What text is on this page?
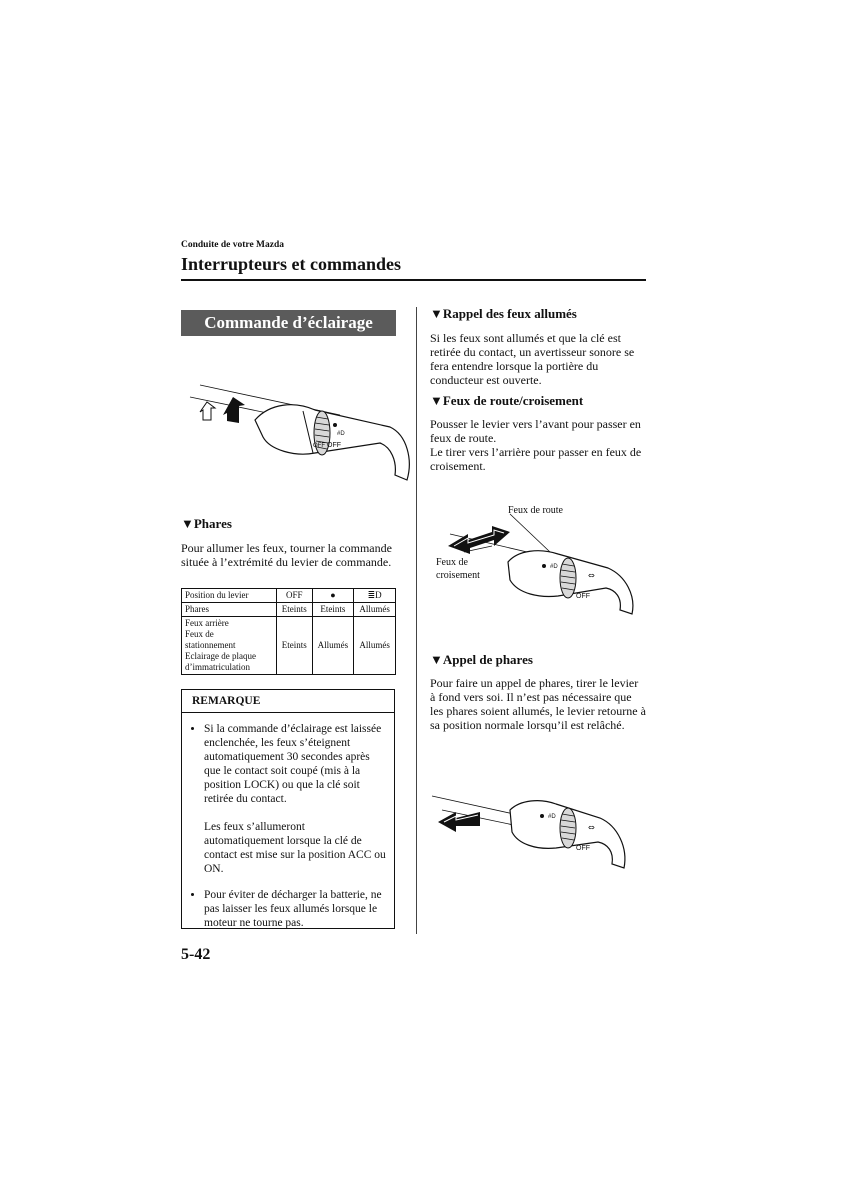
Conduite de votre Mazda
Interrupteurs et commandes
Commande d’éclairage
OFF OFF
#D
▼Phares
Pour allumer les feux, tourner la commande située à l’extrémité du levier de commande.
Position du levier	OFF	●	≣D
Phares	Eteints	Eteints	Allumés

Feux arrière
Feux de
stationnement
Eclairage de plaque
d’immatriculation	Eteints	Allumés	Allumés
REMARQUE
• Si la commande d’éclairage est laissée enclenchée, les feux s’éteignent automatiquement 30 secondes après que le contact soit coupé (mis à la position LOCK) ou que la clé soit retirée du contact.
Les feux s’allumeront automatiquement lorsque la clé de contact est mise sur la position ACC ou ON.
• Pour éviter de décharger la batterie, ne pas laisser les feux allumés lorsque le moteur ne tourne pas.
5-42
▼Rappel des feux allumés
Si les feux sont allumés et que la clé est retirée du contact, un avertisseur sonore se fera entendre lorsque la portière du conducteur est ouverte.
▼Feux de route/croisement
Pousser le levier vers l’avant pour passer en feux de route.
Le tirer vers l’arrière pour passer en feux de croisement.
Feux de route
Feux de
croisement
#D
OFF
⇔
▼Appel de phares
Pour faire un appel de phares, tirer le levier à fond vers soi. Il n’est pas nécessaire que les phares soient allumés, le levier retourne à sa position normale lorsqu’il est relâché.
#D
OFF
⇔
